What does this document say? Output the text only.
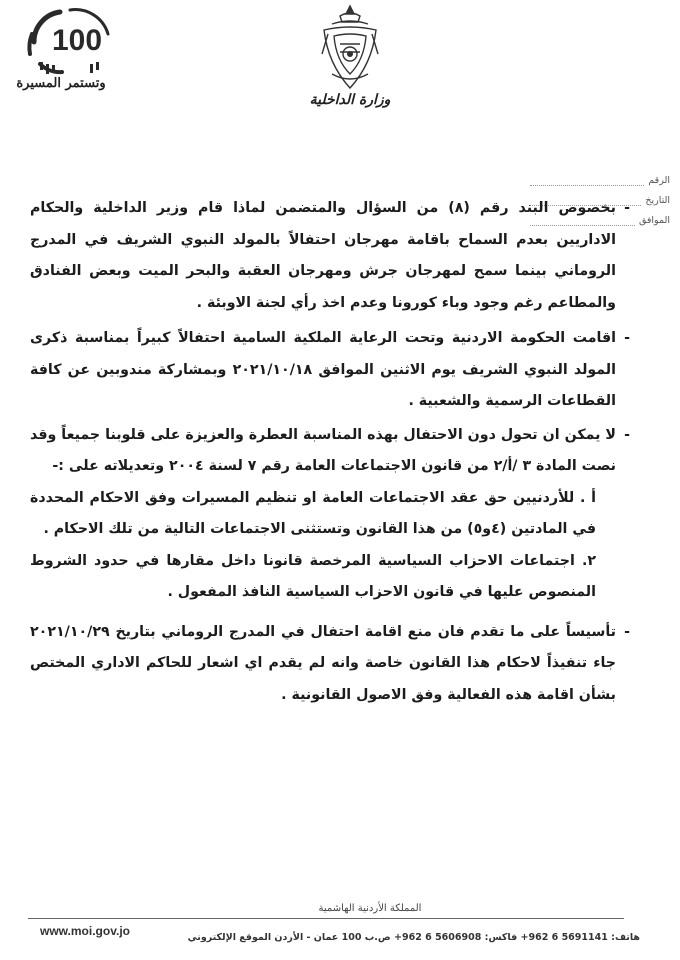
100
وتستمر المسيرة
وزارة الداخلية
الرقم
التاريخ
الموافق
- بخصوص البند رقم (٨) من السؤال والمتضمن لماذا قام وزير الداخلية والحكام الاداريين بعدم السماح باقامة مهرجان احتفالاً بالمولد النبوي الشريف في المدرج الروماني بينما سمح لمهرجان جرش ومهرجان العقبة والبحر الميت وبعض الفنادق والمطاعم رغم وجود وباء كورونا وعدم اخذ رأي لجنة الاوبئة .
- اقامت الحكومة الاردنية وتحت الرعاية الملكية السامية احتفالاً كبيراً بمناسبة ذكرى المولد النبوي الشريف يوم الاثنين الموافق ٢٠٢١/١٠/١٨ وبمشاركة مندوبين عن كافة القطاعات الرسمية والشعبية .
- لا يمكن ان تحول دون الاحتفال بهذه المناسبة العطرة والعزيزة على قلوبنا جميعاً وقد نصت المادة ٣ /أ/٢ من قانون الاجتماعات العامة رقم ٧ لسنة ٢٠٠٤ وتعديلاته على :-
أ . للأردنيين حق عقد الاجتماعات العامة او تنظيم المسيرات وفق الاحكام المحددة في المادتين (٤و٥) من هذا القانون وتستثنى الاجتماعات التالية من تلك الاحكام .
٢. اجتماعات الاحزاب السياسية المرخصة قانونا داخل مقارها في حدود الشروط المنصوص عليها في قانون الاحزاب السياسية النافذ المفعول .
- تأسيساً على ما تقدم فان منع اقامة احتفال في المدرج الروماني بتاريخ ٢٠٢١/١٠/٢٩ جاء تنفيذاً لاحكام هذا القانون خاصة وانه لم يقدم اي اشعار للحاكم الاداري المختص بشأن اقامة هذه الفعالية وفق الاصول القانونية .
المملكة الأردنية الهاشمية
www.moi.gov.jo	هاتف: 5691141 6 962+ فاكس: 5606908 6 962+ ص.ب 100 عمان - الأردن الموقع الإلكتروني
